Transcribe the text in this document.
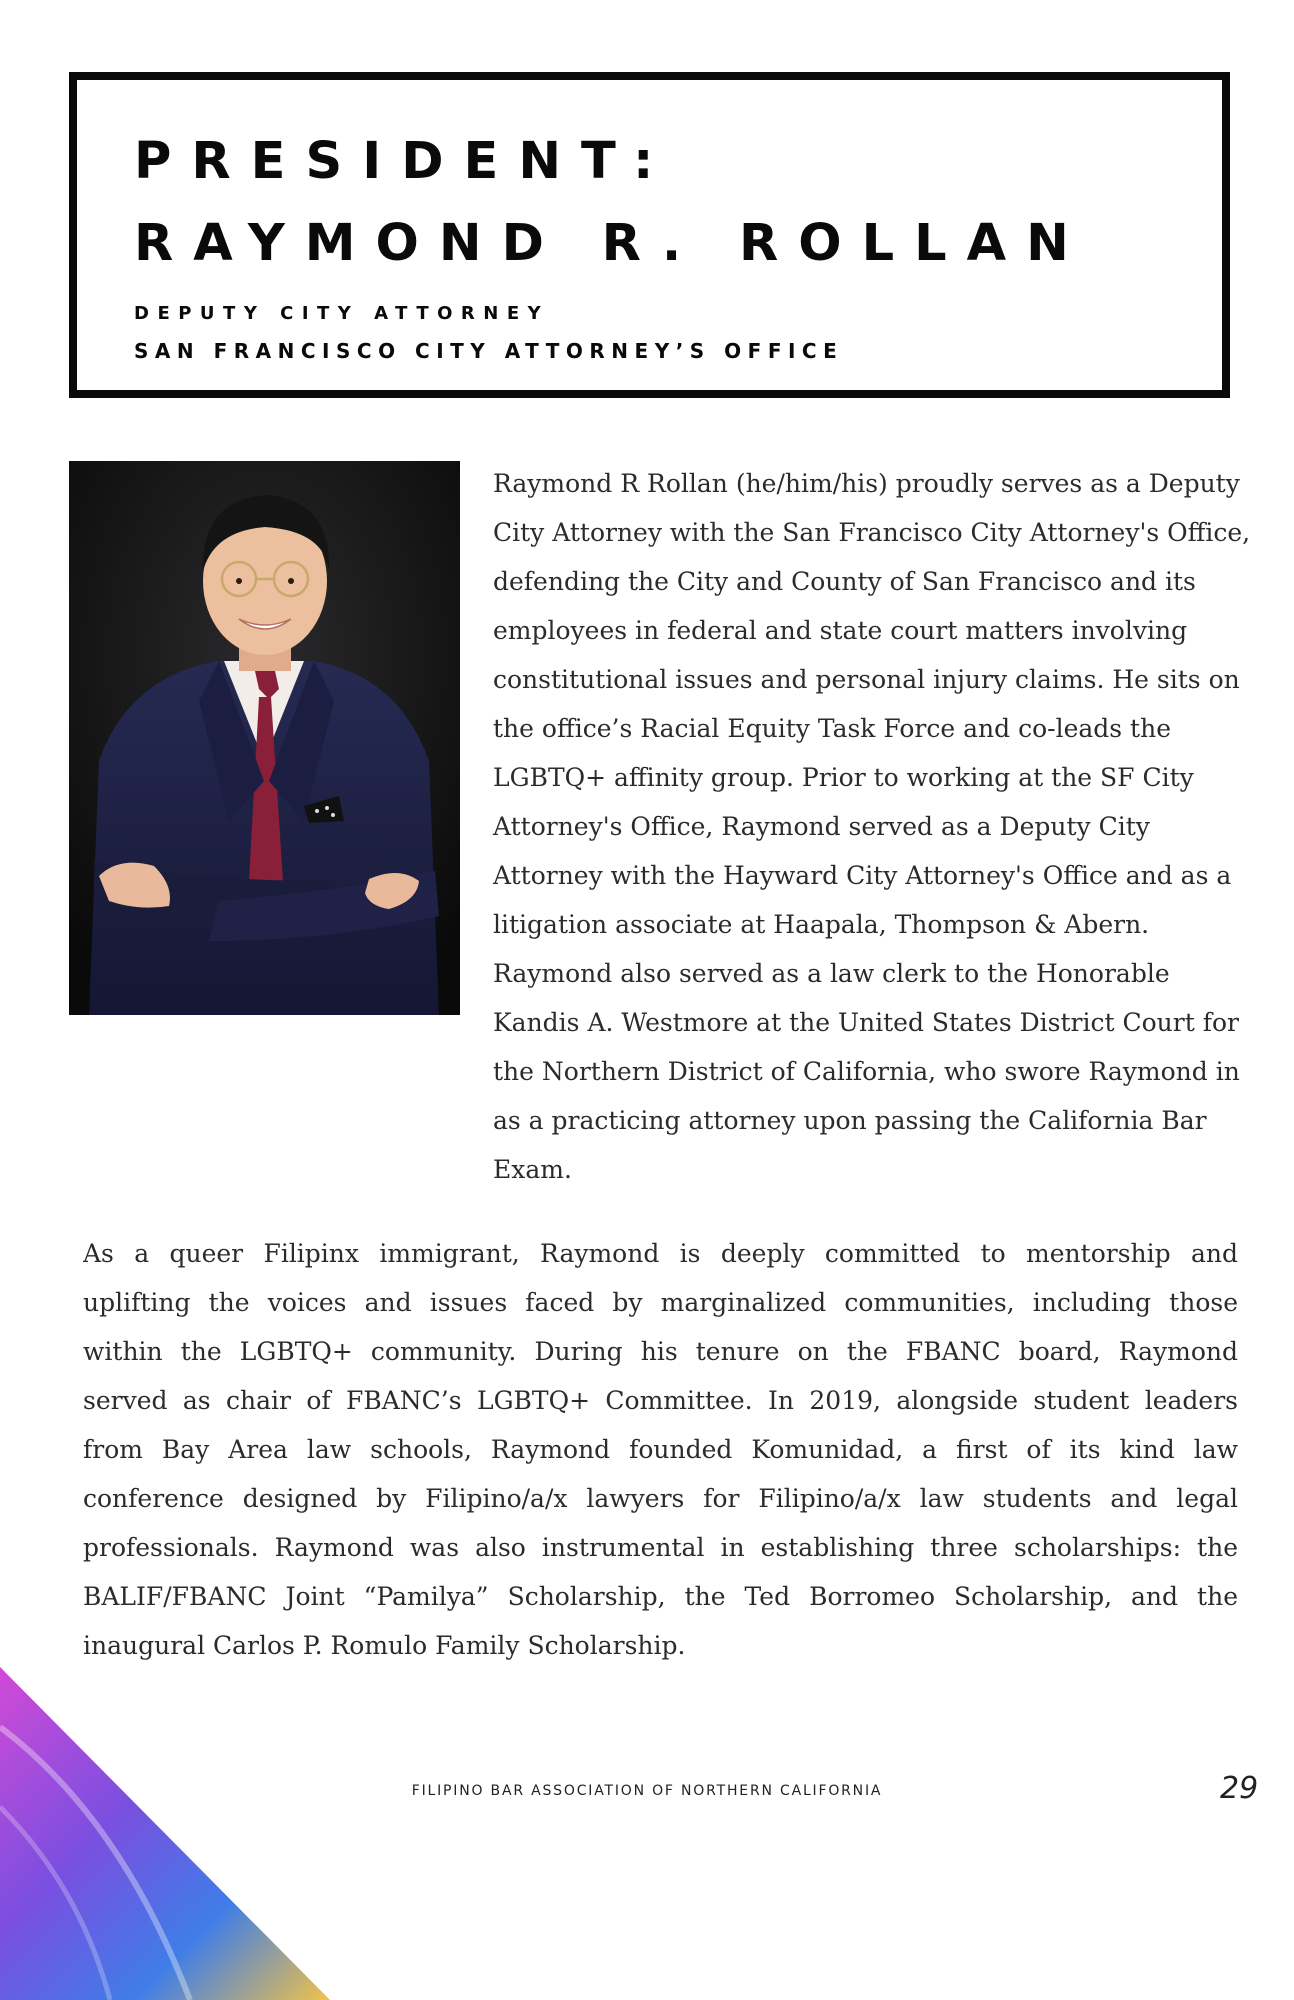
PRESIDENT:
RAYMOND R. ROLLAN
DEPUTY CITY ATTORNEY
SAN FRANCISCO CITY ATTORNEY’S OFFICE
Raymond R Rollan (he/him/his) proudly serves as a Deputy
City Attorney with the San Francisco City Attorney's Office,
defending the City and County of San Francisco and its
employees in federal and state court matters involving
constitutional issues and personal injury claims. He sits on
the office’s Racial Equity Task Force and co-leads the
LGBTQ+ affinity group. Prior to working at the SF City
Attorney's Office, Raymond served as a Deputy City
Attorney with the Hayward City Attorney's Office and as a
litigation associate at Haapala, Thompson & Abern.
Raymond also served as a law clerk to the Honorable
Kandis A. Westmore at the United States District Court for
the Northern District of California, who swore Raymond in
as a practicing attorney upon passing the California Bar
Exam.
As a queer Filipinx immigrant, Raymond is deeply committed to mentorship and
uplifting the voices and issues faced by marginalized communities, including those
within the LGBTQ+ community. During his tenure on the FBANC board, Raymond
served as chair of FBANC’s LGBTQ+ Committee. In 2019, alongside student leaders
from Bay Area law schools, Raymond founded Komunidad, a first of its kind law
conference designed by Filipino/a/x lawyers for Filipino/a/x law students and legal
professionals. Raymond was also instrumental in establishing three scholarships: the
BALIF/FBANC Joint “Pamilya” Scholarship, the Ted Borromeo Scholarship, and the
inaugural Carlos P. Romulo Family Scholarship.
FILIPINO BAR ASSOCIATION OF NORTHERN CALIFORNIA	29
